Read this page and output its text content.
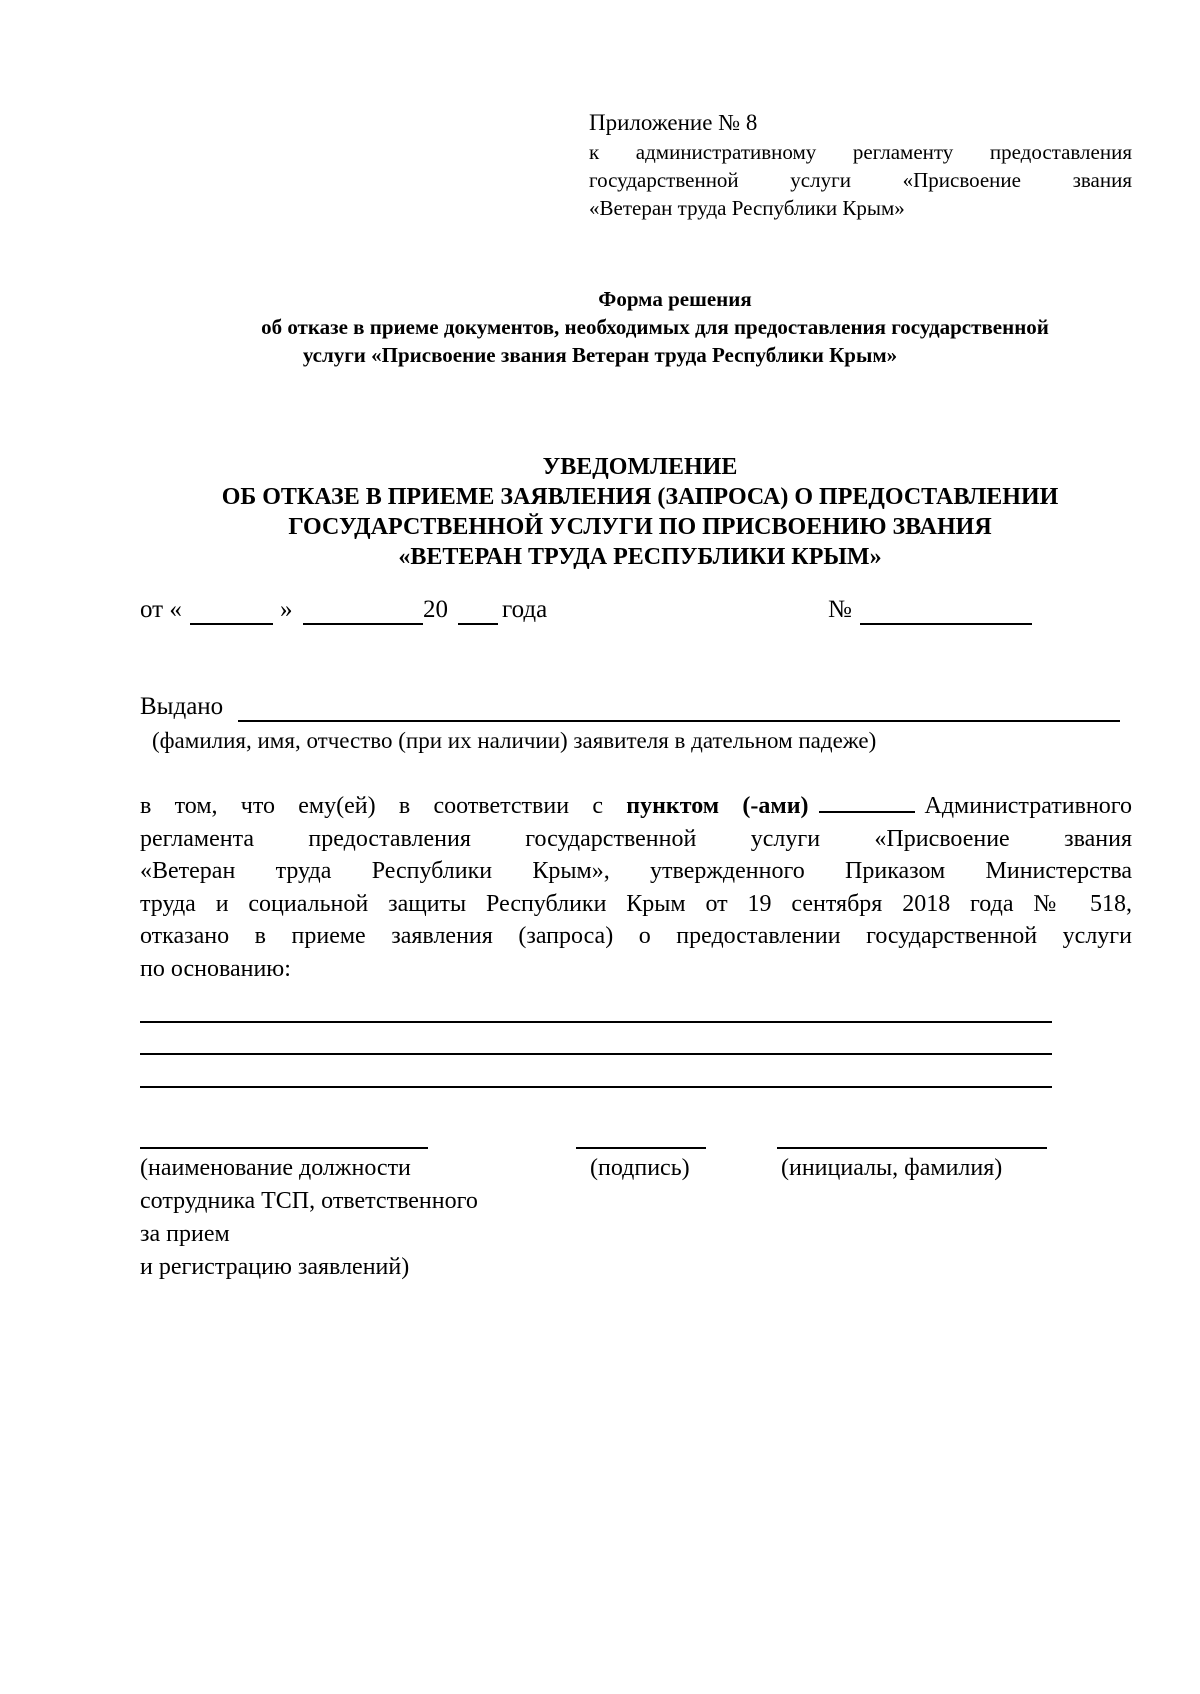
Приложение № 8
к административному регламенту предоставления
государственной услуги «Присвоение звания
«Ветеран труда Республики Крым»
Форма решения
об отказе в приеме документов, необходимых для предоставления государственной
услуги «Присвоение звания Ветеран труда Республики Крым»
УВЕДОМЛЕНИЕ
ОБ ОТКАЗЕ В ПРИЕМЕ ЗАЯВЛЕНИЯ (ЗАПРОСА) О ПРЕДОСТАВЛЕНИИ
ГОСУДАРСТВЕННОЙ УСЛУГИ ПО ПРИСВОЕНИЮ ЗВАНИЯ
«ВЕТЕРАН ТРУДА РЕСПУБЛИКИ КРЫМ»
от «	»	20 года	№
Выдано
(фамилия, имя, отчество (при их наличии) заявителя в дательном падеже)
в том, что ему(ей) в соответствии с пунктом (-ами)	Административного
регламента предоставления государственной услуги «Присвоение звания
«Ветеран труда Республики Крым», утвержденного Приказом Министерства
труда и социальной защиты Республики Крым от 19 сентября 2018 года № 518,
отказано в приеме заявления (запроса) о предоставлении государственной услуги
по основанию:
(наименование должности
сотрудника ТСП, ответственного
за прием
и регистрацию заявлений)
(подпись)	(инициалы, фамилия)
